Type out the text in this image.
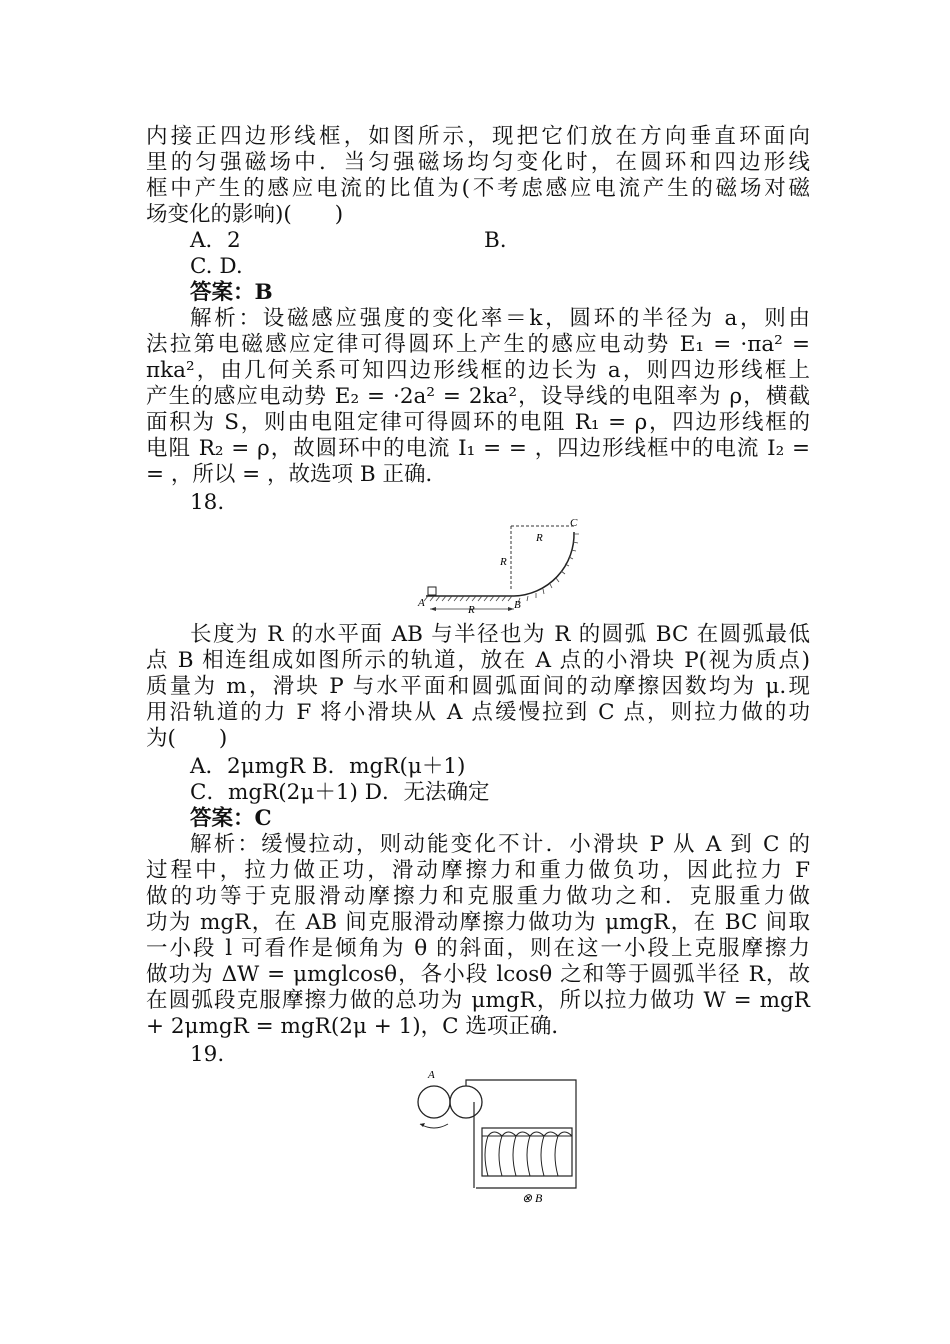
内接正四边形线框，如图所示，现把它们放在方向垂直环面向
里的匀强磁场中．当匀强磁场均匀变化时，在圆环和四边形线
框中产生的感应电流的比值为(不考虑感应电流产生的磁场对磁
场变化的影响)(　　)
A．2	B.
C. D.
答案：B
解析：设磁感应强度的变化率＝k，圆环的半径为 a，则由
法拉第电磁感应定律可得圆环上产生的感应电动势 E₁ = ·πa² =
πka²，由几何关系可知四边形线框的边长为 a，则四边形线框上
产生的感应电动势 E₂ = ·2a² = 2ka²，设导线的电阻率为 ρ，横截
面积为 S，则由电阻定律可得圆环的电阻 R₁ = ρ，四边形线框的
电阻 R₂ = ρ，故圆环中的电流 I₁ = = ，四边形线框中的电流 I₂ =
= ，所以 = ，故选项 B 正确．
18.
A	B
C
R
R
R
长度为 R 的水平面 AB 与半径也为 R 的圆弧 BC 在圆弧最低
点 B 相连组成如图所示的轨道，放在 A 点的小滑块 P(视为质点)
质量为 m，滑块 P 与水平面和圆弧面间的动摩擦因数均为 μ.现
用沿轨道的力 F 将小滑块从 A 点缓慢拉到 C 点，则拉力做的功
为(　　)
A．2μmgR B．mgR(μ＋1)
C．mgR(2μ＋1) D．无法确定
答案：C
解析：缓慢拉动，则动能变化不计．小滑块 P 从 A 到 C 的
过程中，拉力做正功，滑动摩擦力和重力做负功，因此拉力 F
做的功等于克服滑动摩擦力和克服重力做功之和．克服重力做
功为 mgR，在 AB 间克服滑动摩擦力做功为 μmgR，在 BC 间取
一小段 l 可看作是倾角为 θ 的斜面，则在这一小段上克服摩擦力
做功为 ΔW = μmglcosθ，各小段 lcosθ 之和等于圆弧半径 R，故
在圆弧段克服摩擦力做的总功为 μmgR，所以拉力做功 W = mgR
+ 2μmgR = mgR(2μ + 1)，C 选项正确．
19.
A
⊗ B
